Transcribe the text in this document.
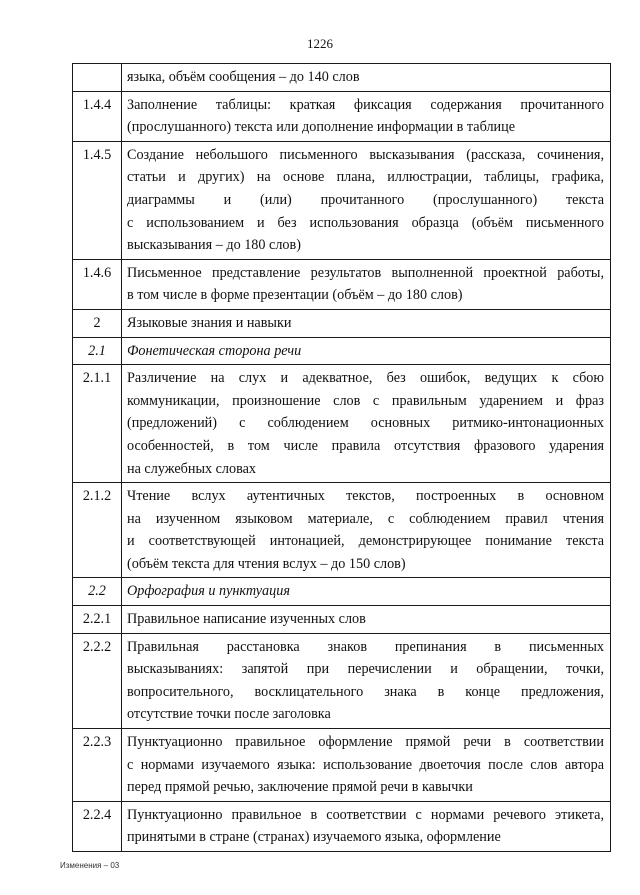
1226

	языка, объём сообщения – до 140 слов

1.4.4	Заполнение таблицы: краткая фиксация содержания прочитанного
(прослушанного) текста или дополнение информации в таблице

1.4.5	Создание небольшого письменного высказывания (рассказа, сочинения,
статьи и других) на основе плана, иллюстрации, таблицы, графика,
диаграммы и (или) прочитанного (прослушанного) текста
с использованием и без использования образца (объём письменного
высказывания – до 180 слов)

1.4.6	Письменное представление результатов выполненной проектной работы,
в том числе в форме презентации (объём – до 180 слов)

2	Языковые знания и навыки

2.1	Фонетическая сторона речи

2.1.1	Различение на слух и адекватное, без ошибок, ведущих к сбою
коммуникации, произношение слов с правильным ударением и фраз
(предложений) с соблюдением основных ритмико-интонационных
особенностей, в том числе правила отсутствия фразового ударения
на служебных словах

2.1.2	Чтение вслух аутентичных текстов, построенных в основном
на изученном языковом материале, с соблюдением правил чтения
и соответствующей интонацией, демонстрирующее понимание текста
(объём текста для чтения вслух – до 150 слов)

2.2	Орфография и пунктуация

2.2.1	Правильное написание изученных слов

2.2.2	Правильная расстановка знаков препинания в письменных
высказываниях: запятой при перечислении и обращении, точки,
вопросительного, восклицательного знака в конце предложения,
отсутствие точки после заголовка

2.2.3	Пунктуационно правильное оформление прямой речи в соответствии
с нормами изучаемого языка: использование двоеточия после слов автора
перед прямой речью, заключение прямой речи в кавычки

2.2.4	Пунктуационно правильное в соответствии с нормами речевого этикета,
принятыми в стране (странах) изучаемого языка, оформление
Изменения – 03
